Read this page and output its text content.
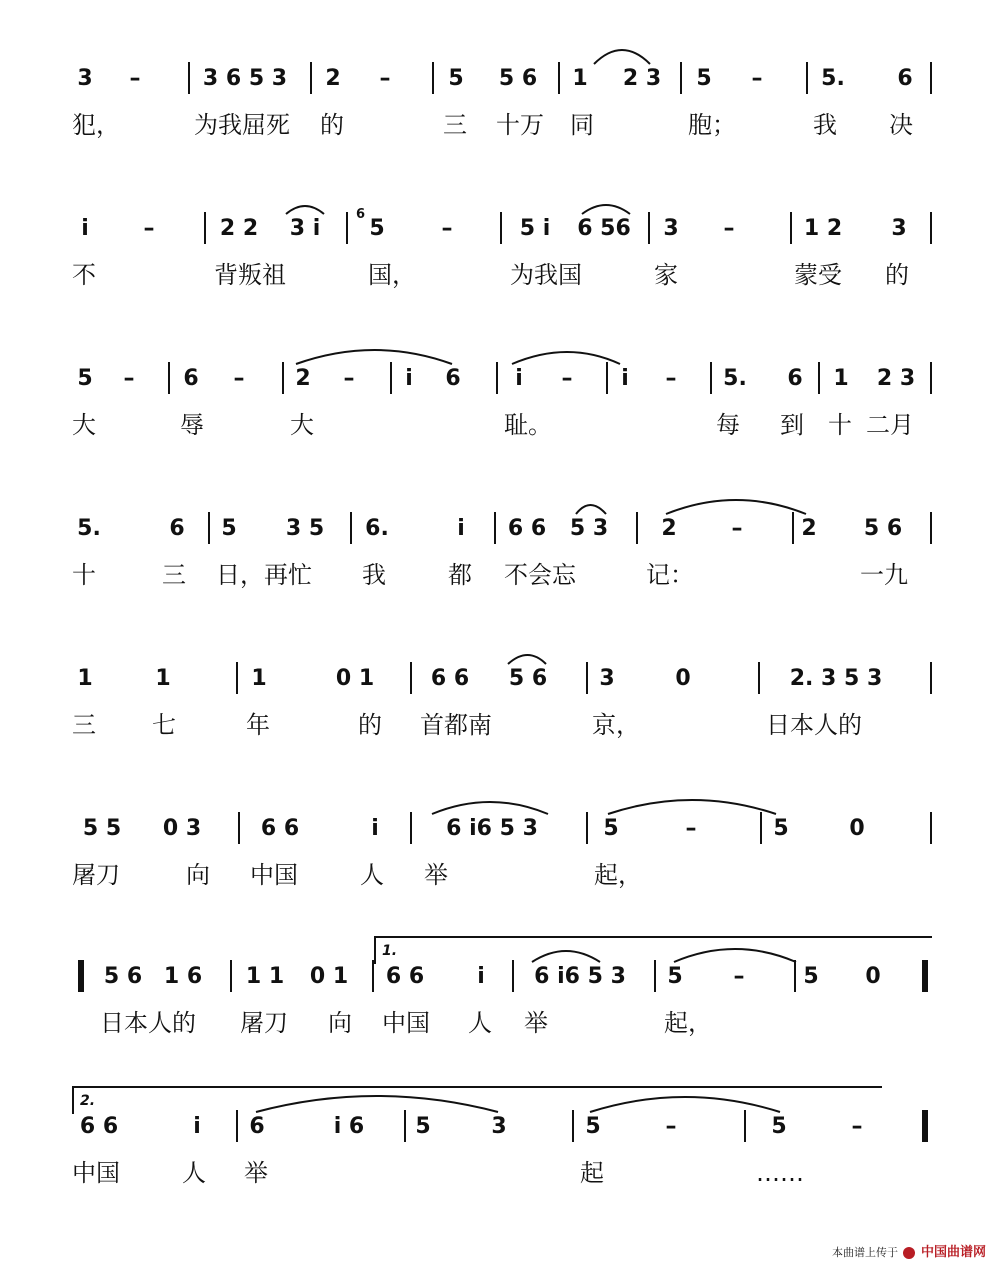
3 –	3 6 5 3 2 –	5 5 6 1 2 3 5 –	5. 6
犯，	为我屈死 的	三 十万 同	胞；	我 决
i	–	2 2	3 i
6
5	–	5 i	6 56 3 –	1 2 3
不	背叛祖	国，	为我国	家	蒙受 的
5 – 6 – 2 –	i	6	i	–	i	– 5. 6 1 2 3
大	辱	大	耻。	每 到 十 二月
5.	6 5 3 5 6.	i	6 6 5 3 2 –	2 5 6
十	三 日，再忙 我	都 不会忘	记：	一九
1	1	1	0 1	6 6	5 6	3	0	2. 3 5 3
三 七	年	的 首都南	京，	日本人的
5 5	0 3	6 6	i	6 i6 5 3	5	–	5	0
屠刀	向 中国	人 举	起，
1.
5 6 1 6 1 1 0 1 6 6	i	6 i6 5 3	5 –	5 0
日本人的 屠刀 向 中国 人 举	起，
2.
6 6	i	6	i 6	5	3	5	–	5	–
中国	人 举	起	……
本曲谱上传于 中国曲谱网
